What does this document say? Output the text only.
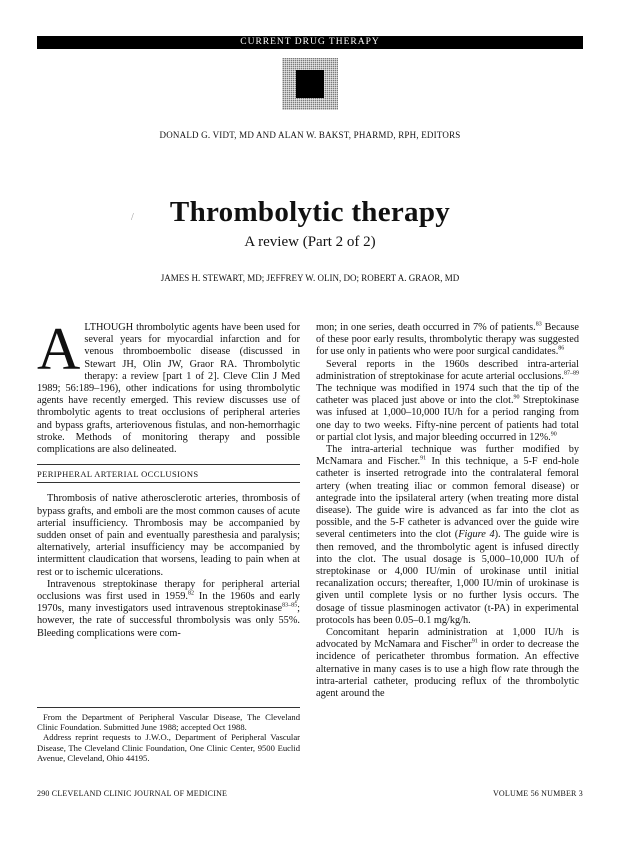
CURRENT DRUG THERAPY
DONALD G. VIDT, MD AND ALAN W. BAKST, PHARMD, RPH, EDITORS
/	Thrombolytic therapy
A review (Part 2 of 2)
JAMES H. STEWART, MD; JEFFREY W. OLIN, DO; ROBERT A. GRAOR, MD

ALTHOUGH thrombolytic agents have been used for several years for myocardial infarction and for venous thromboembolic disease (discussed in Stewart JH, Olin JW, Graor RA. Thrombolytic therapy: a review [part 1 of 2]. Cleve Clin J Med 1989; 56:189–196), other indications for using thrombolytic agents have recently emerged. This review discusses use of thrombolytic agents to treat occlusions of peripheral arteries and bypass grafts, arteriovenous fistulas, and non-hemorrhagic stroke. Methods of monitoring therapy and possible complications are also delineated.

PERIPHERAL ARTERIAL OCCLUSIONS

Thrombosis of native atherosclerotic arteries, thrombosis of bypass grafts, and emboli are the most common causes of acute arterial insufficiency. Thrombosis may be accompanied by sudden onset of pain and eventually paresthesia and paralysis; alternatively, arterial insufficiency may be accompanied by intermittent claudication that worsens, leading to pain when at rest or to ischemic ulcerations.

Intravenous streptokinase therapy for peripheral arterial occlusions was first used in 1959.82 In the 1960s and early 1970s, many investigators used intravenous streptokinase$^{83-85}$; however, the rate of successful thrombolysis was only 55%. Bleeding complications were com-

From the Department of Peripheral Vascular Disease, The Cleveland Clinic Foundation. Submitted June 1988; accepted Oct 1988.

Address reprint requests to J.W.O., Department of Peripheral Vascular Disease, The Cleveland Clinic Foundation, One Clinic Center, 9500 Euclid Avenue, Cleveland, Ohio 44195.

mon; in one series, death occurred in 7% of patients.$^{83}$ Because of these poor early results, thrombolytic therapy was suggested for use only in patients who were poor surgical candidates.$^{86}$

Several reports in the 1960s described intra-arterial administration of streptokinase for acute arterial occlusions.$^{87-89}$ The technique was modified in 1974 such that the tip of the catheter was placed just above or into the clot.$^{90}$ Streptokinase was infused at 1,000–10,000 IU/h for a period ranging from one day to two weeks. Fifty-nine percent of patients had total or partial clot lysis, and major bleeding occurred in 12%.$^{90}$

The intra-arterial technique was further modified by McNamara and Fischer.$^{91}$ In this technique, a 5-F end-hole catheter is inserted retrograde into the contralateral femoral artery (when treating iliac or common femoral disease) or antegrade into the ipsilateral artery (when treating more distal disease). The guide wire is advanced as far into the clot as possible, and the 5-F catheter is advanced over the guide wire several centimeters into the clot (Figure 4). The guide wire is then removed, and the thrombolytic agent is infused directly into the clot. The usual dosage is 5,000–10,000 IU/h of streptokinase or 4,000 IU/min of urokinase until initial recanalization occurs; thereafter, 1,000 IU/min of urokinase is given until complete lysis or no further lysis occurs. The dosage of tissue plasminogen activator (t-PA) in experimental protocols has been 0.05–0.1 mg/kg/h.

Concomitant heparin administration at 1,000 IU/h is advocated by McNamara and Fischer$^{91}$ in order to decrease the incidence of pericatheter thrombus formation. An effective alternative in many cases is to use a high flow rate through the intra-arterial catheter, producing reflux of the thrombolytic agent around the

290 CLEVELAND CLINIC JOURNAL OF MEDICINE	VOLUME 56 NUMBER 3
